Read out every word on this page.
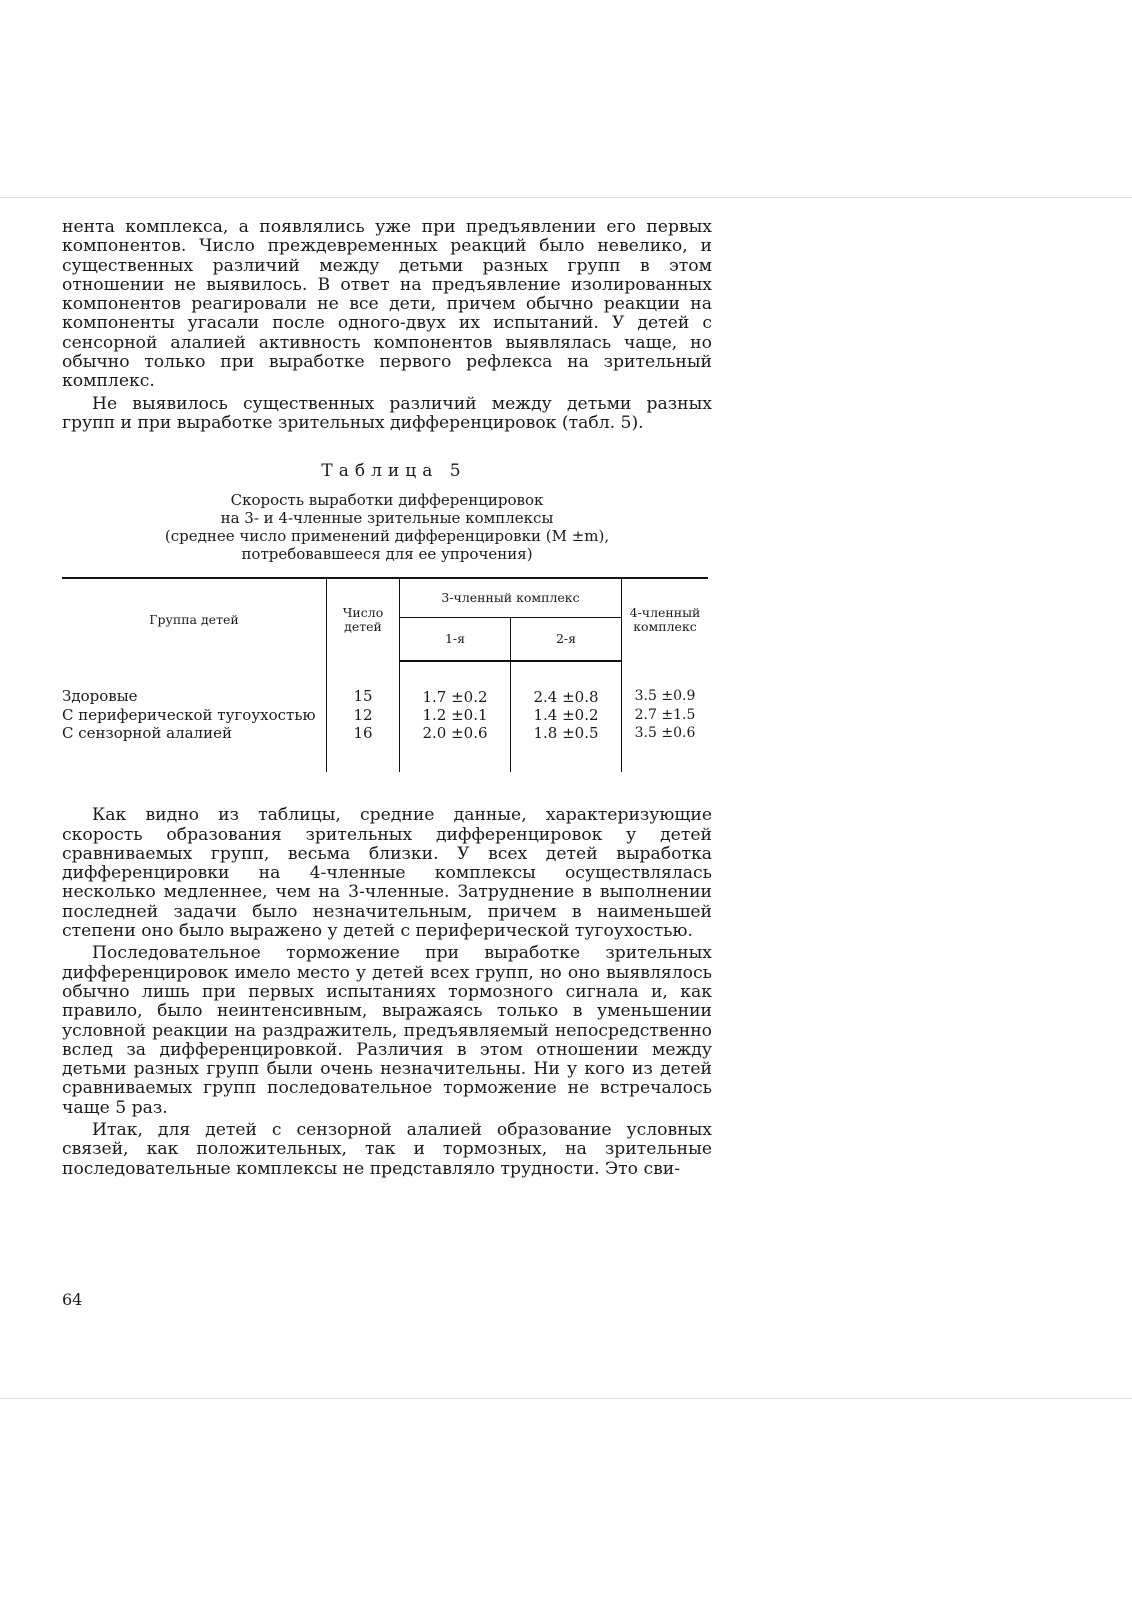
нента комплекса, а появлялись уже при предъявлении его первых компонентов. Число преждевременных реакций было невелико, и существенных различий между детьми разных групп в этом отношении не выявилось. В ответ на предъявление изолированных компонентов реагировали не все дети, причем обычно реакции на компоненты угасали после одного-двух их испытаний. У детей с сенсорной алалией активность компонентов выявлялась чаще, но обычно только при выработке первого рефлекса на зрительный комплекс.

Не выявилось существенных различий между детьми разных групп и при выработке зрительных дифференцировок (табл. 5).

Таблица 5
Скорость выработки дифференцировок
на 3- и 4-членные зрительные комплексы
(среднее число применений дифференцировки (M ±m),
потребовавшееся для ее упрочения)
Группа детей	Число детей	3-членный комплекс		4-членный комплекс
		1-я	2-я	
Здоровые	15	1.7 ±0.2	2.4 ±0.8	3.5 ±0.9
С периферической тугоухостью	12	1.2 ±0.1	1.4 ±0.2	2.7 ±1.5
С сензорной алалией	16	2.0 ±0.6	1.8 ±0.5	3.5 ±0.6

Как видно из таблицы, средние данные, характеризующие скорость образования зрительных дифференцировок у детей сравниваемых групп, весьма близки. У всех детей выработка дифференцировки на 4-членные комплексы осуществлялась несколько медленнее, чем на 3-членные. Затруднение в выполнении последней задачи было незначительным, причем в наименьшей степени оно было выражено у детей с периферической тугоухостью.

Последовательное торможение при выработке зрительных дифференцировок имело место у детей всех групп, но оно выявлялось обычно лишь при первых испытаниях тормозного сигнала и, как правило, было неинтенсивным, выражаясь только в уменьшении условной реакции на раздражитель, предъявляемый непосредственно вслед за дифференцировкой. Различия в этом отношении между детьми разных групп были очень незначительны. Ни у кого из детей сравниваемых групп последовательное торможение не встречалось чаще 5 раз.

Итак, для детей с сензорной алалией образование условных связей, как положительных, так и тормозных, на зрительные последовательные комплексы не представляло трудности. Это сви-

64
